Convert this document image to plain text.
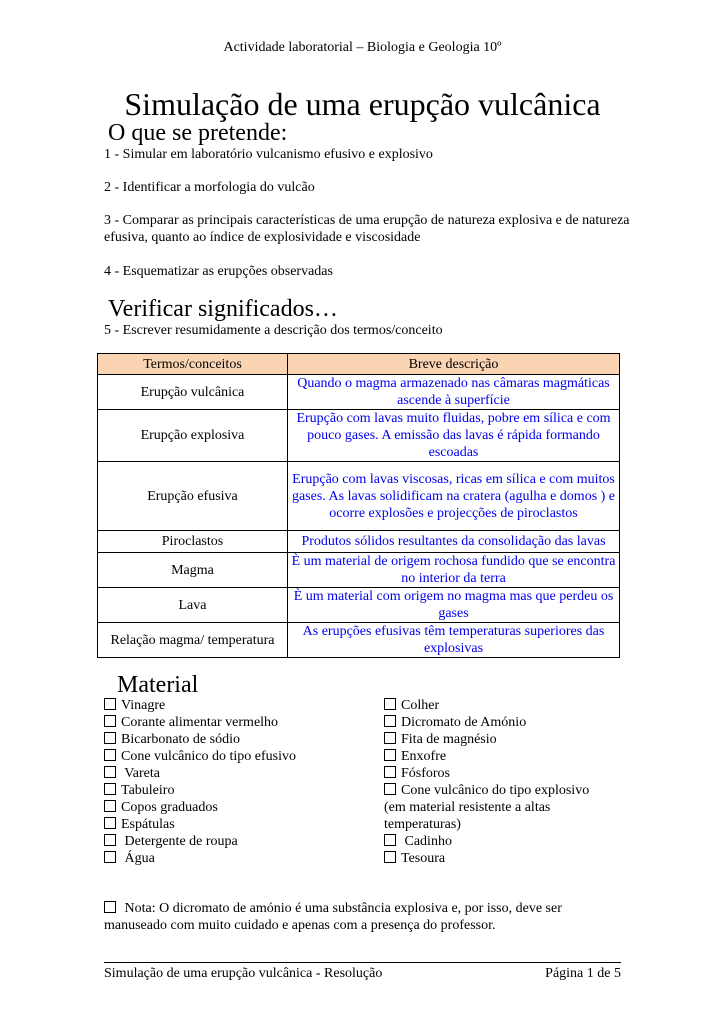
Actividade laboratorial – Biologia e Geologia 10º
Simulação de uma erupção vulcânica
O que se pretende:
1 - Simular em laboratório vulcanismo efusivo e explosivo
2 - Identificar a morfologia do vulcão
3 - Comparar as principais características de uma erupção de natureza explosiva e de natureza efusiva, quanto ao índice de explosividade e viscosidade
4 - Esquematizar as erupções observadas
Verificar significados…
5 - Escrever resumidamente a descrição dos termos/conceito
Termos/conceitos	Breve descrição
Erupção vulcânica	Quando o magma armazenado nas câmaras magmáticas ascende à superfície
Erupção explosiva	Erupção com lavas muito fluidas, pobre em sílica e com pouco gases. A emissão das lavas é rápida formando escoadas
Erupção efusiva	Erupção com lavas viscosas, ricas em sílica e com muitos gases. As lavas solidificam na cratera (agulha e domos ) e ocorre explosões e projecções de piroclastos
Piroclastos	Produtos sólidos resultantes da consolidação das lavas
Magma	È um material de origem rochosa fundido que se encontra no interior da terra
Lava	È um material com origem no magma mas que perdeu os gases
Relação magma/ temperatura	As erupções efusivas têm temperaturas superiores das explosivas
Material
Vinagre
Corante alimentar vermelho
Bicarbonato de sódio
Cone vulcânico do tipo efusivo
Vareta
Tabuleiro
Copos graduados
Espátulas
Detergente de roupa
Água
Colher
Dicromato de Amónio
Fita de magnésio
Enxofre
Fósforos
Cone vulcânico do tipo explosivo
(em material resistente a altas
temperaturas)
Cadinho
Tesoura
Nota: O dicromato de amónio é uma substância explosiva e, por isso, deve ser manuseado com muito cuidado e apenas com a presença do professor.
Simulação de uma erupção vulcânica - Resolução	Página 1 de 5
